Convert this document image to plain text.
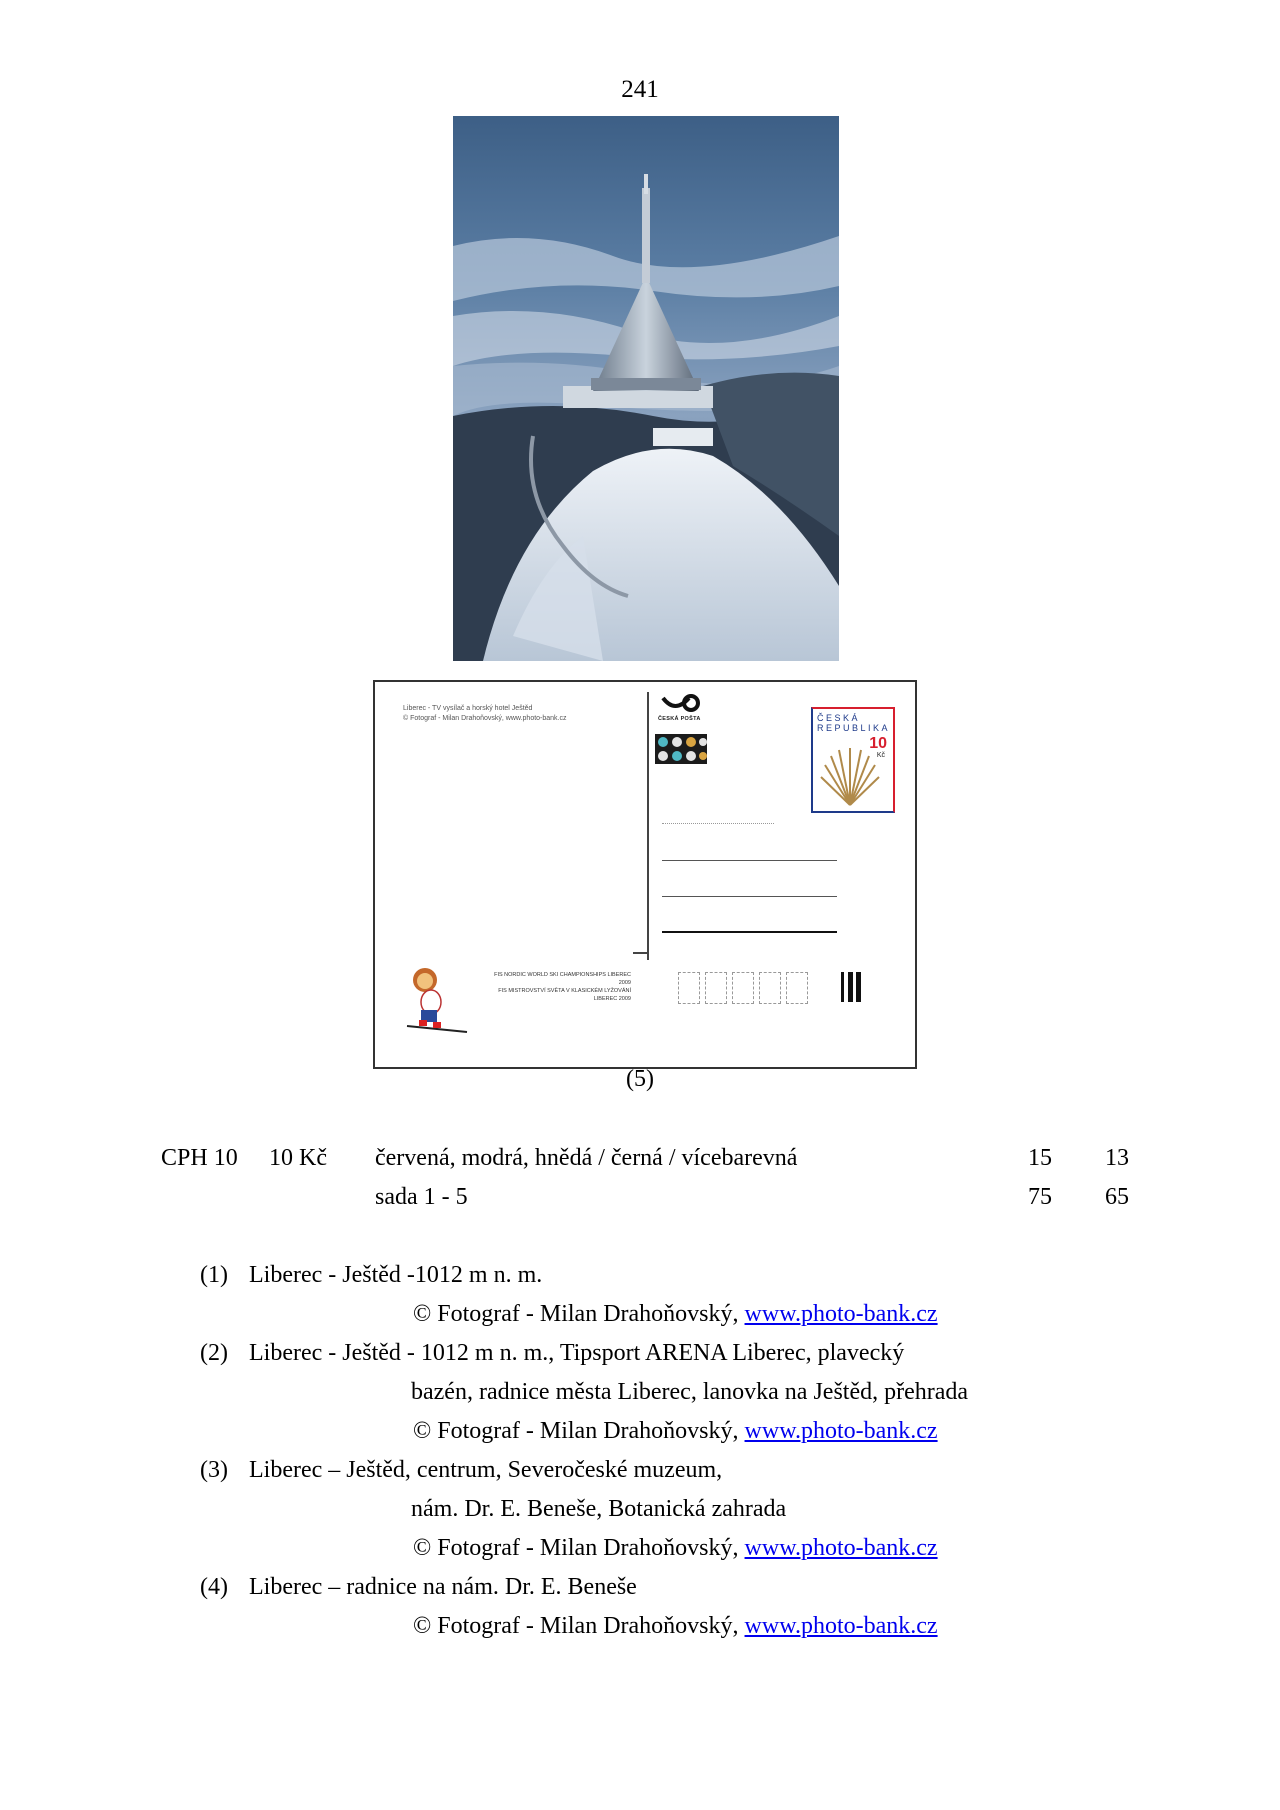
241
Liberec - TV vysílač a horský hotel Ještěd
© Fotograf - Milan Drahoňovský, www.photo-bank.cz	ČESKÁ POŠTA	ČESKÁ
REPUBLIKA
10
Kč
FIS NORDIC WORLD SKI CHAMPIONSHIPS LIBEREC 2009
FIS MISTROVSTVÍ SVĚTA V KLASICKÉM LYŽOVÁNÍ LIBEREC 2009
(5)
CPH 10 10 Kč červená, modrá, hnědá / černá / vícebarevná	15	13
sada 1 - 5	75	65
(1) Liberec - Ještěd -1012 m n. m.
© Fotograf - Milan Drahoňovský, www.photo-bank.cz
(2) Liberec - Ještěd - 1012 m n. m., Tipsport ARENA Liberec, plavecký
bazén, radnice města Liberec, lanovka na Ještěd, přehrada
© Fotograf - Milan Drahoňovský, www.photo-bank.cz
(3) Liberec – Ještěd, centrum, Severočeské muzeum,
nám. Dr. E. Beneše, Botanická zahrada
© Fotograf - Milan Drahoňovský, www.photo-bank.cz
(4) Liberec – radnice na nám. Dr. E. Beneše
© Fotograf - Milan Drahoňovský, www.photo-bank.cz
